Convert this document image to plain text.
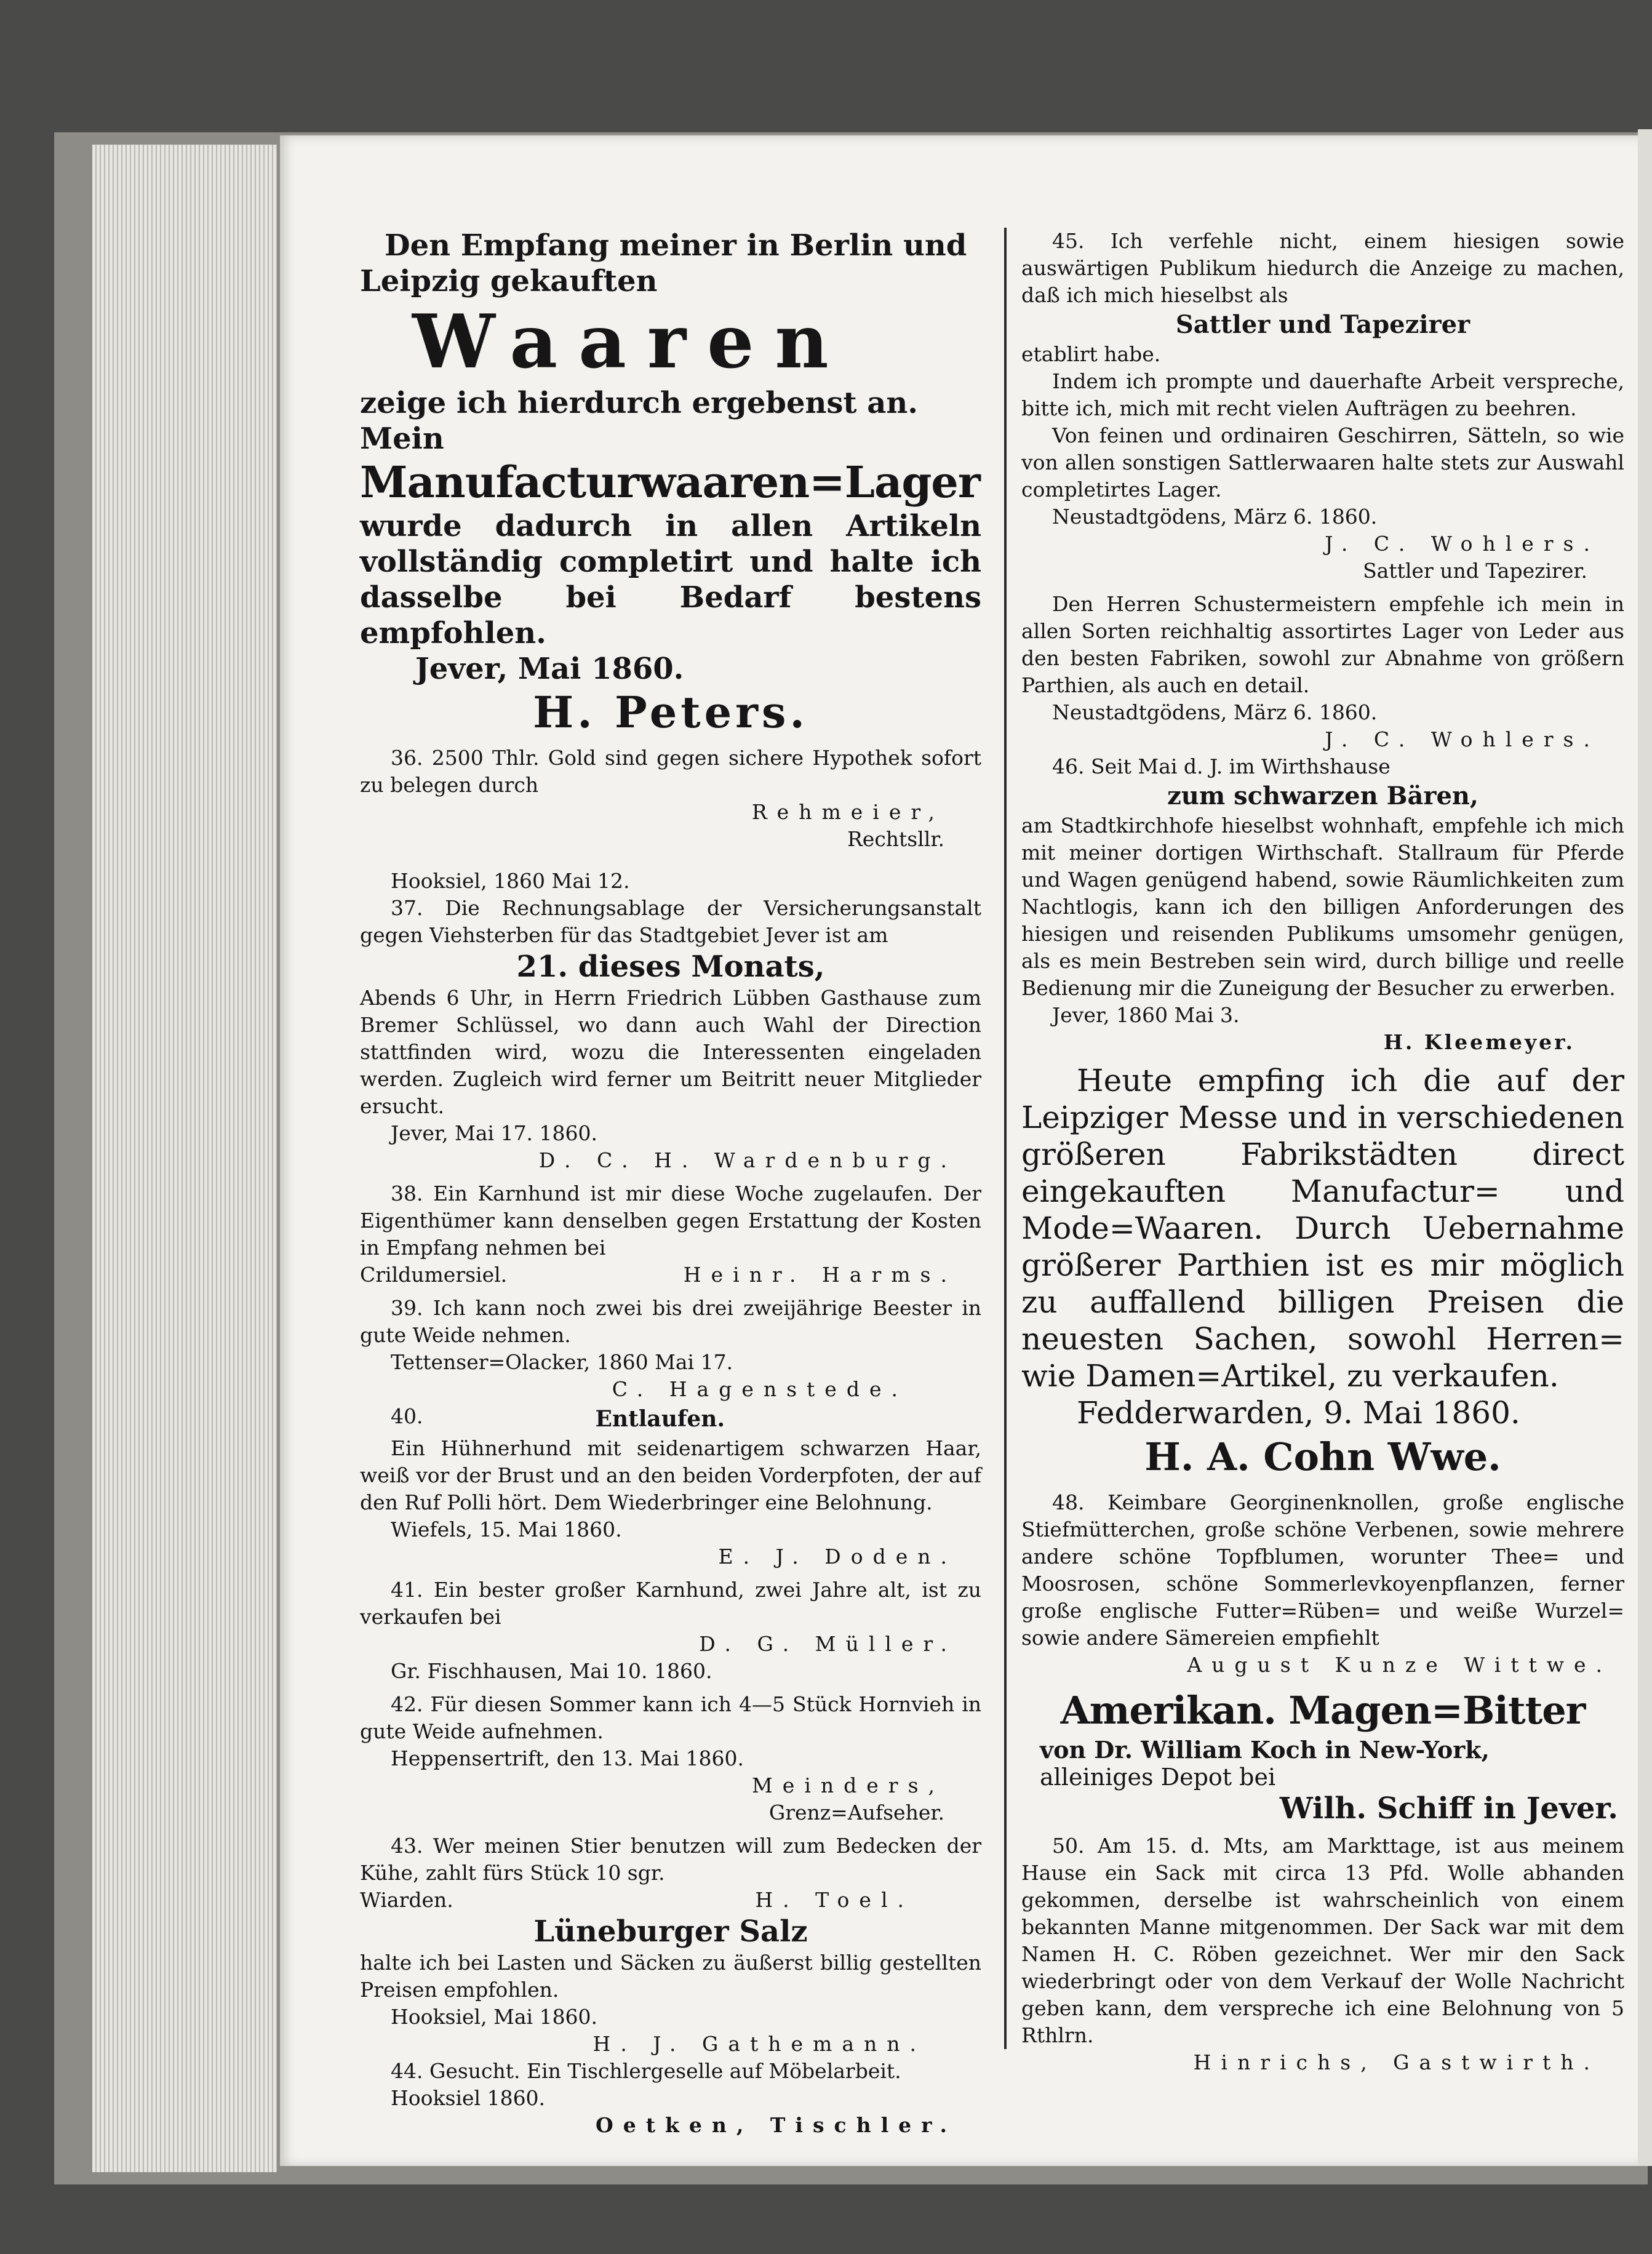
Den Empfang meiner in Berlin und Leipzig gekauften

Waaren

zeige ich hierdurch ergebenst an. Mein

Manufacturwaaren=Lager

wurde dadurch in allen Artikeln vollständig completirt und halte ich dasselbe bei Bedarf bestens empfohlen.

Jever, Mai 1860.

H. Peters.

36. 2500 Thlr. Gold sind gegen sichere Hypothek sofort zu belegen durch

Rehmeier,

Rechtsllr.

Hooksiel, 1860 Mai 12.

37. Die Rechnungsablage der Versicherungsanstalt gegen Viehsterben für das Stadtgebiet Jever ist am

21. dieses Monats,

Abends 6 Uhr, in Herrn Friedrich Lübben Gasthause zum Bremer Schlüssel, wo dann auch Wahl der Direction stattfinden wird, wozu die Interessenten eingeladen werden. Zugleich wird ferner um Beitritt neuer Mitglieder ersucht.

Jever, Mai 17. 1860.

D. C. H. Wardenburg.

38. Ein Karnhund ist mir diese Woche zugelaufen. Der Eigenthümer kann denselben gegen Erstattung der Kosten in Empfang nehmen bei

Crildumersiel.	Heinr. Harms.

39. Ich kann noch zwei bis drei zweijährige Beester in gute Weide nehmen.

Tettenser=Olacker, 1860 Mai 17.

C. Hagenstede.

40.	Entlaufen.

Ein Hühnerhund mit seidenartigem schwarzen Haar, weiß vor der Brust und an den beiden Vorderpfoten, der auf den Ruf Polli hört. Dem Wiederbringer eine Belohnung.

Wiefels, 15. Mai 1860.

E. J. Doden.

41. Ein bester großer Karnhund, zwei Jahre alt, ist zu verkaufen bei

D. G. Müller.

Gr. Fischhausen, Mai 10. 1860.

42. Für diesen Sommer kann ich 4—5 Stück Hornvieh in gute Weide aufnehmen.

Heppensertrift, den 13. Mai 1860.

Meinders,

Grenz=Aufseher.

43. Wer meinen Stier benutzen will zum Bedecken der Kühe, zahlt fürs Stück 10 sgr.

Wiarden.	H. Toel.

Lüneburger Salz

halte ich bei Lasten und Säcken zu äußerst billig gestellten Preisen empfohlen.

Hooksiel, Mai 1860.

H. J. Gathemann.

44. Gesucht. Ein Tischlergeselle auf Möbelarbeit.

Hooksiel 1860.

Oetken, Tischler.

45. Ich verfehle nicht, einem hiesigen sowie auswärtigen Publikum hiedurch die Anzeige zu machen, daß ich mich hieselbst als

Sattler und Tapezirer

etablirt habe.

Indem ich prompte und dauerhafte Arbeit verspreche, bitte ich, mich mit recht vielen Aufträgen zu beehren.

Von feinen und ordinairen Geschirren, Sätteln, so wie von allen sonstigen Sattlerwaaren halte stets zur Auswahl completirtes Lager.

Neustadtgödens, März 6. 1860.

J. C. Wohlers.

Sattler und Tapezirer.

Den Herren Schustermeistern empfehle ich mein in allen Sorten reichhaltig assortirtes Lager von Leder aus den besten Fabriken, sowohl zur Abnahme von größern Parthien, als auch en detail.

Neustadtgödens, März 6. 1860.

J. C. Wohlers.

46. Seit Mai d. J. im Wirthshause

zum schwarzen Bären,

am Stadtkirchhofe hieselbst wohnhaft, empfehle ich mich mit meiner dortigen Wirthschaft. Stallraum für Pferde und Wagen genügend habend, sowie Räumlichkeiten zum Nachtlogis, kann ich den billigen Anforderungen des hiesigen und reisenden Publikums umsomehr genügen, als es mein Bestreben sein wird, durch billige und reelle Bedienung mir die Zuneigung der Besucher zu erwerben.

Jever, 1860 Mai 3.

H. Kleemeyer.

Heute empfing ich die auf der Leipziger Messe und in verschiedenen größeren Fabrikstädten direct eingekauften Manufactur= und Mode=Waaren. Durch Uebernahme größerer Parthien ist es mir möglich zu auffallend billigen Preisen die neuesten Sachen, sowohl Herren= wie Damen=Artikel, zu verkaufen.

Fedderwarden, 9. Mai 1860.

H. A. Cohn Wwe.

48. Keimbare Georginenknollen, große englische Stiefmütterchen, große schöne Verbenen, sowie mehrere andere schöne Topfblumen, worunter Thee= und Moosrosen, schöne Sommerlevkoyenpflanzen, ferner große englische Futter=Rüben= und weiße Wurzel= sowie andere Sämereien empfiehlt

August Kunze Wittwe.

Amerikan. Magen=Bitter

von Dr. William Koch in New-York,

alleiniges Depot bei

Wilh. Schiff in Jever.

50. Am 15. d. Mts, am Markttage, ist aus meinem Hause ein Sack mit circa 13 Pfd. Wolle abhanden gekommen, derselbe ist wahrscheinlich von einem bekannten Manne mitgenommen. Der Sack war mit dem Namen H. C. Röben gezeichnet. Wer mir den Sack wiederbringt oder von dem Verkauf der Wolle Nachricht geben kann, dem verspreche ich eine Belohnung von 5 Rthlrn.

Hinrichs, Gastwirth.
